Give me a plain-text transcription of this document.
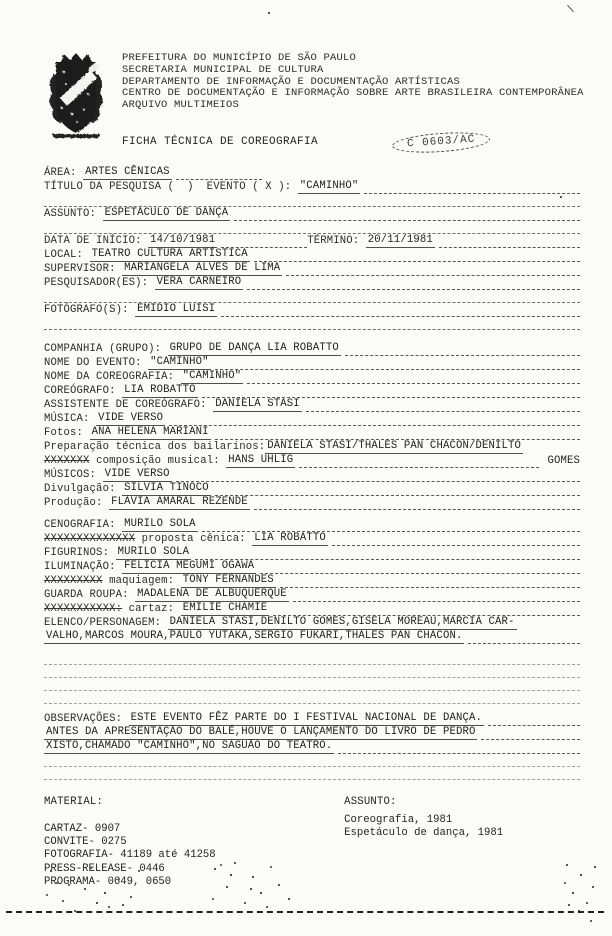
PREFEITURA DO MUNICÍPIO DE SÃO PAULO
SECRETARIA MUNICIPAL DE CULTURA
DEPARTAMENTO DE INFORMAÇÃO E DOCUMENTAÇÃO ARTÍSTICAS
CENTRO DE DOCUMENTAÇÃO E INFORMAÇÃO SOBRE ARTE BRASILEIRA CONTEMPORÂNEA
ARQUIVO MULTIMEIOS
FICHA TÉCNICA DE COREOGRAFIA	C 0603/AC
ÁREA:
ARTES CÊNICAS
TÍTULO DA PESQUISA (  )  EVENTO ( X ):
"CAMINHO"
ASSUNTO:
ESPETÁCULO DE DANÇA
DATA DE INÍCIO:
14/10/1981	TÉRMINO:
20/11/1981
LOCAL:
TEATRO CULTURA ARTÍSTICA
SUPERVISOR:
MARIANGELA ALVES DE LIMA
PESQUISADOR(ES):
VERA CARNEIRO
FOTÓGRAFO(S):
EMIDIO LUISI
COMPANHIA (GRUPO):
GRUPO DE DANÇA LIA ROBATTO
NOME DO EVENTO:
"CAMINHO"
NOME DA COREOGRAFIA:
"CAMINHO"
COREÓGRAFO:
LIA ROBATTO
ASSISTENTE DE COREÓGRAFO:
DANIELA STASI
MÚSICA:
VIDE VERSO
Fotos:
ANA HELENA MARIANI
Preparação técnica dos bailarinos: DANIELA STASI/THALES PAN CHACON/DENILTO
XXXXXXX
composição musical:
HANS UHLIG	GOMES
MÚSICOS:
VIDE VERSO
Divulgação:
SILVIA TINOCO
Produção:
FLAVIA AMARAL REZENDE
CENOGRAFIA:
MURILO SOLA
XXXXXXXXXXXXXX
proposta cênica:
LIA ROBATTO
FIGURINOS:
MURILO SOLA
ILUMINAÇÃO:
FELICIA MEGUMI OGAWA
XXXXXXXXX
maquiagem:
TONY FERNANDES
GUARDA ROUPA:
MADALENA DE ALBUQUERQUE
XXXXXXXXXXX:
cartaz:
EMILIE CHAMIE
ELENCO/PERSONAGEM:
DANIELA STASI,DENILTO GOMES,GISELA MOREAU,MARCIA CAR-
VALHO,MARCOS MOURA,PAULO YUTAKA,SERGIO FUKARI,THALES PAN CHACON.
OBSERVAÇÕES:
ESTE EVENTO FÊZ PARTE DO I FESTIVAL NACIONAL DE DANÇA.
ANTES DA APRESENTAÇÃO DO BALÉ,HOUVE O LANÇAMENTO DO LIVRO DE PEDRO
XISTO,CHAMADO "CAMINHO",NO SAGUÃO DO TEATRO.
MATERIAL:
CARTAZ- 0907
CONVITE- 0275
FOTOGRAFIA- 41189 até 41258
PRESS-RELEASE- 0446
PROGRAMA- 0649, 0650
ASSUNTO:
Coreografia, 1981
Espetáculo de dança, 1981
